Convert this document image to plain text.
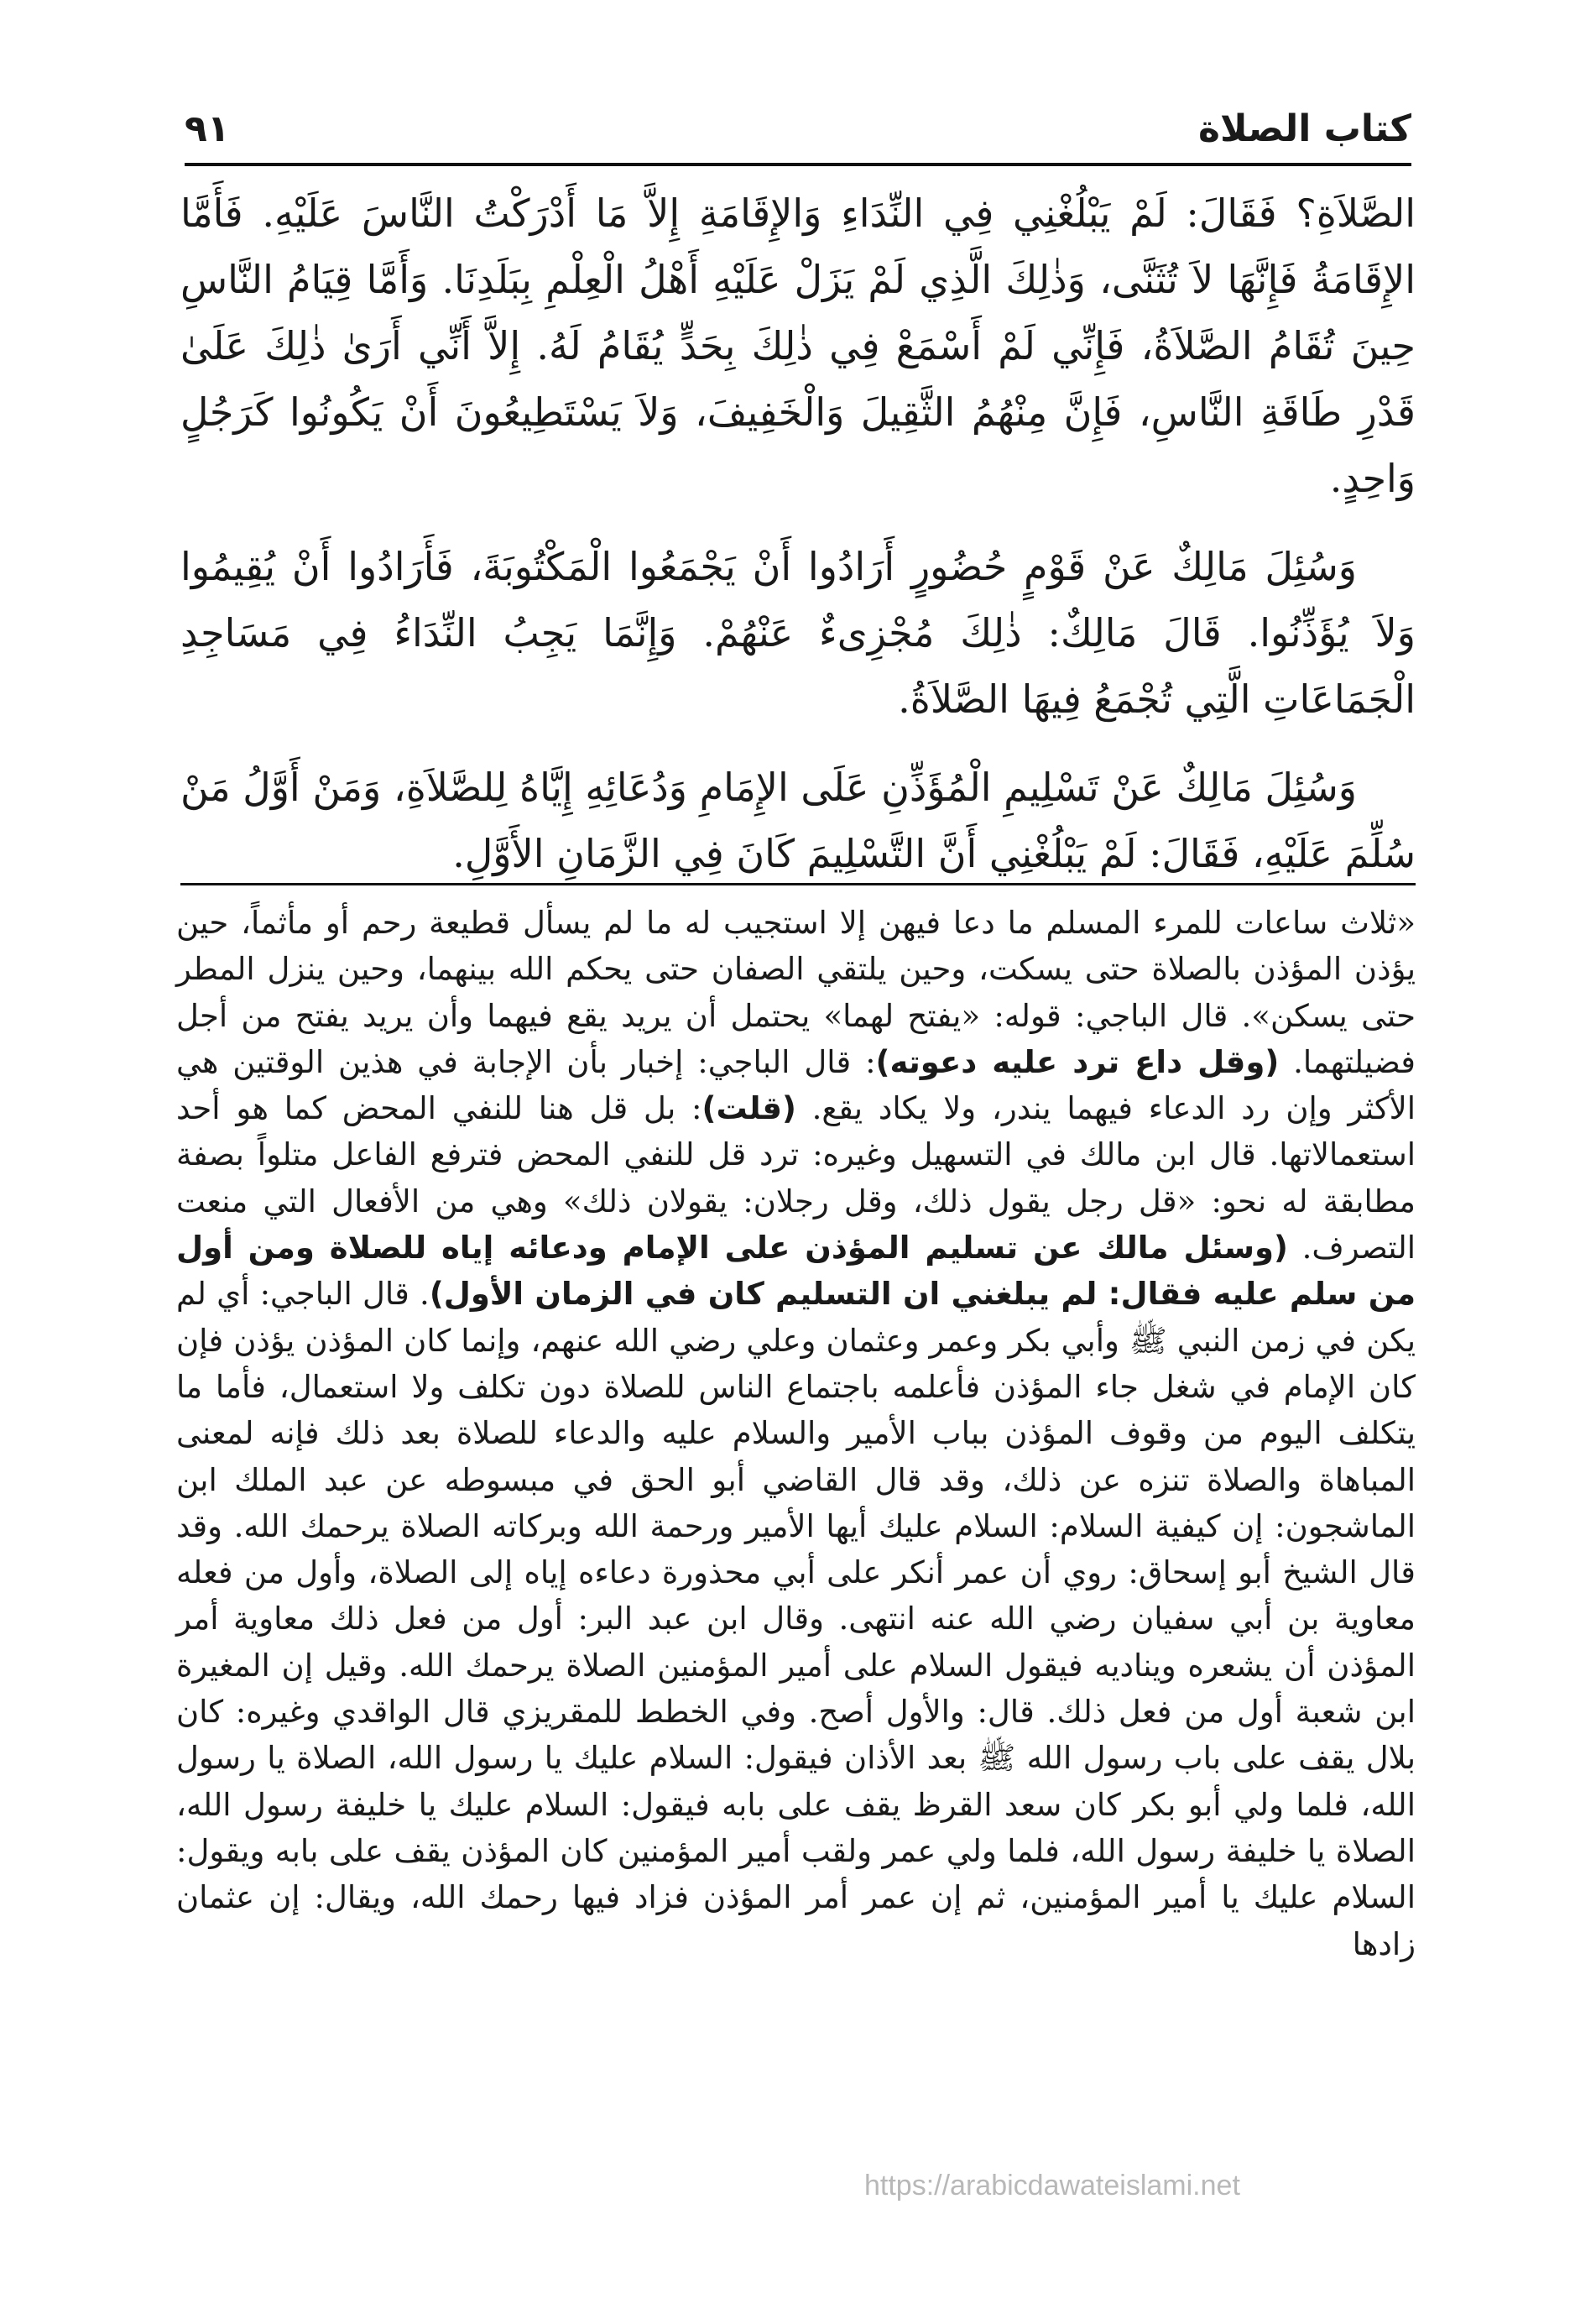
كتاب الصلاة
٩١

الصَّلاَةِ؟ فَقَالَ: لَمْ يَبْلُغْنِي فِي النِّدَاءِ وَالإِقَامَةِ إِلاَّ مَا أَدْرَكْتُ النَّاسَ عَلَيْهِ. فَأَمَّا الإِقَامَةُ فَإِنَّهَا لاَ تُثَنَّى، وَذٰلِكَ الَّذِي لَمْ يَزَلْ عَلَيْهِ أَهْلُ الْعِلْمِ بِبَلَدِنَا. وَأَمَّا قِيَامُ النَّاسِ حِينَ تُقَامُ الصَّلاَةُ، فَإِنِّي لَمْ أَسْمَعْ فِي ذٰلِكَ بِحَدٍّ يُقَامُ لَهُ. إِلاَّ أَنِّي أَرَىٰ ذٰلِكَ عَلَىٰ قَدْرِ طَاقَةِ النَّاسِ، فَإِنَّ مِنْهُمُ الثَّقِيلَ وَالْخَفِيفَ، وَلاَ يَسْتَطِيعُونَ أَنْ يَكُونُوا كَرَجُلٍ وَاحِدٍ.

وَسُئِلَ مَالِكٌ عَنْ قَوْمٍ حُضُورٍ أَرَادُوا أَنْ يَجْمَعُوا الْمَكْتُوبَةَ، فَأَرَادُوا أَنْ يُقِيمُوا وَلاَ يُؤَذِّنُوا. قَالَ مَالِكٌ: ذٰلِكَ مُجْزِىءٌ عَنْهُمْ. وَإِنَّمَا يَجِبُ النِّدَاءُ فِي مَسَاجِدِ الْجَمَاعَاتِ الَّتِي تُجْمَعُ فِيهَا الصَّلاَةُ.

وَسُئِلَ مَالِكٌ عَنْ تَسْلِيمِ الْمُؤَذِّنِ عَلَى الإِمَامِ وَدُعَائِهِ إِيَّاهُ لِلصَّلاَةِ، وَمَنْ أَوَّلُ مَنْ سُلِّمَ عَلَيْهِ، فَقَالَ: لَمْ يَبْلُغْنِي أَنَّ التَّسْلِيمَ كَانَ فِي الزَّمَانِ الأَوَّلِ.

«ثلاث ساعات للمرء المسلم ما دعا فيهن إلا استجيب له ما لم يسأل قطيعة رحم أو مأثماً، حين يؤذن المؤذن بالصلاة حتى يسكت، وحين يلتقي الصفان حتى يحكم الله بينهما، وحين ينزل المطر حتى يسكن». قال الباجي: قوله: «يفتح لهما» يحتمل أن يريد يقع فيهما وأن يريد يفتح من أجل فضيلتهما. (وقل داع ترد عليه دعوته): قال الباجي: إخبار بأن الإجابة في هذين الوقتين هي الأكثر وإن رد الدعاء فيهما يندر، ولا يكاد يقع. (قلت): بل قل هنا للنفي المحض كما هو أحد استعمالاتها. قال ابن مالك في التسهيل وغيره: ترد قل للنفي المحض فترفع الفاعل متلواً بصفة مطابقة له نحو: «قل رجل يقول ذلك، وقل رجلان: يقولان ذلك» وهي من الأفعال التي منعت التصرف. (وسئل مالك عن تسليم المؤذن على الإمام ودعائه إياه للصلاة ومن أول من سلم عليه فقال: لم يبلغني ان التسليم كان في الزمان الأول). قال الباجي: أي لم يكن في زمن النبي ﷺ وأبي بكر وعمر وعثمان وعلي رضي الله عنهم، وإنما كان المؤذن يؤذن فإن كان الإمام في شغل جاء المؤذن فأعلمه باجتماع الناس للصلاة دون تكلف ولا استعمال، فأما ما يتكلف اليوم من وقوف المؤذن بباب الأمير والسلام عليه والدعاء للصلاة بعد ذلك فإنه لمعنى المباهاة والصلاة تنزه عن ذلك، وقد قال القاضي أبو الحق في مبسوطه عن عبد الملك ابن الماشجون: إن كيفية السلام: السلام عليك أيها الأمير ورحمة الله وبركاته الصلاة يرحمك الله. وقد قال الشيخ أبو إسحاق: روي أن عمر أنكر على أبي محذورة دعاءه إياه إلى الصلاة، وأول من فعله معاوية بن أبي سفيان رضي الله عنه انتهى. وقال ابن عبد البر: أول من فعل ذلك معاوية أمر المؤذن أن يشعره ويناديه فيقول السلام على أمير المؤمنين الصلاة يرحمك الله. وقيل إن المغيرة ابن شعبة أول من فعل ذلك. قال: والأول أصح. وفي الخطط للمقريزي قال الواقدي وغيره: كان بلال يقف على باب رسول الله ﷺ بعد الأذان فيقول: السلام عليك يا رسول الله، الصلاة يا رسول الله، فلما ولي أبو بكر كان سعد القرظ يقف على بابه فيقول: السلام عليك يا خليفة رسول الله، الصلاة يا خليفة رسول الله، فلما ولي عمر ولقب أمير المؤمنين كان المؤذن يقف على بابه ويقول: السلام عليك يا أمير المؤمنين، ثم إن عمر أمر المؤذن فزاد فيها رحمك الله، ويقال: إن عثمان زادها

https://arabicdawateislami.net
